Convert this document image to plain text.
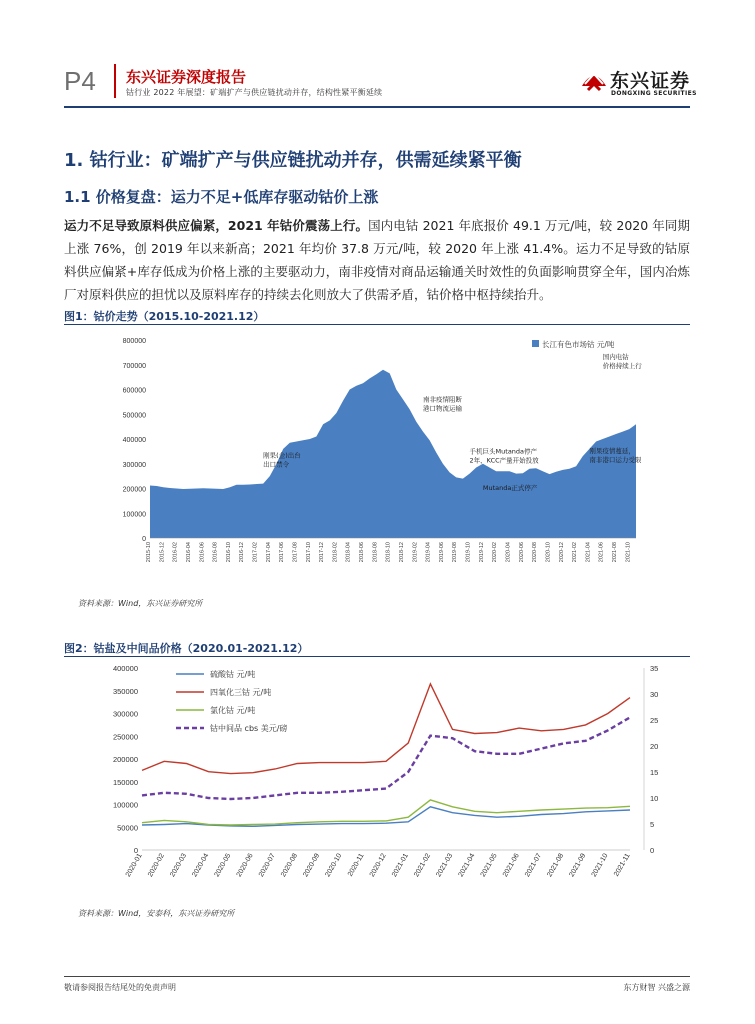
P4 东兴证券深度报告
钴行业 2022 年展望：矿端扩产与供应链扰动并存，结构性紧平衡延续
东兴证券
DONGXING SECURITIES
1. 钴行业：矿端扩产与供应链扰动并存，供需延续紧平衡
1.1 价格复盘：运力不足+低库存驱动钴价上涨
运力不足导致原料供应偏紧，2021 年钴价震荡上行。国内电钴 2021 年底报价 49.1 万元/吨，较 2020 年同期上涨 76%，创 2019 年以来新高；2021 年均价 37.8 万元/吨，较 2020 年上涨 41.4%。运力不足导致的钴原料供应偏紧+库存低成为价格上涨的主要驱动力，南非疫情对商品运输通关时效性的负面影响贯穿全年，国内冶炼厂对原料供应的担忧以及原料库存的持续去化则放大了供需矛盾，钴价格中枢持续抬升。
图1：钴价走势（2015.10-2021.12）
0
100000
200000
300000
400000
500000
600000
700000
800000
2015-10 2015-12 2016-02 2016-04 2016-06 2016-08 2016-10 2016-12 2017-02 2017-04 2017-06 2017-08 2017-10 2017-12 2018-02 2018-04 2018-06 2018-08 2018-10 2018-12 2019-02 2019-04 2019-06 2019-08 2019-10 2019-12 2020-02 2020-04 2020-06 2020-08 2020-10 2020-12 2021-02 2021-04 2021-06 2021-08 2021-10
长江有色市场钴 元/吨
刚果(金)出台
出口禁令
南非疫情阻断
港口物流运输
手机巨头Mutanda停产
2年，KCC产量开始投放
Mutanda正式停产
刚果疫情蔓延，
南非港口运力受限
国内电钴
价格持续上行
资料来源：Wind，东兴证券研究所
图2：钴盐及中间品价格（2020.01-2021.12）
0
50000
100000
150000
200000
250000
300000
350000
400000
0
5
10
15
20
25
30
35
2020-01 2020-02 2020-03 2020-04 2020-05 2020-06 2020-07 2020-08 2020-09 2020-10 2020-11 2020-12 2021-01 2021-02 2021-03 2021-04 2021-05 2021-06 2021-07 2021-08 2021-09 2021-10 2021-11
硫酸钴 元/吨
四氧化三钴 元/吨
氯化钴 元/吨
钴中间品 cbs 美元/磅
资料来源：Wind，安泰科，东兴证券研究所
敬请参阅报告结尾处的免责声明	东方财智 兴盛之源
